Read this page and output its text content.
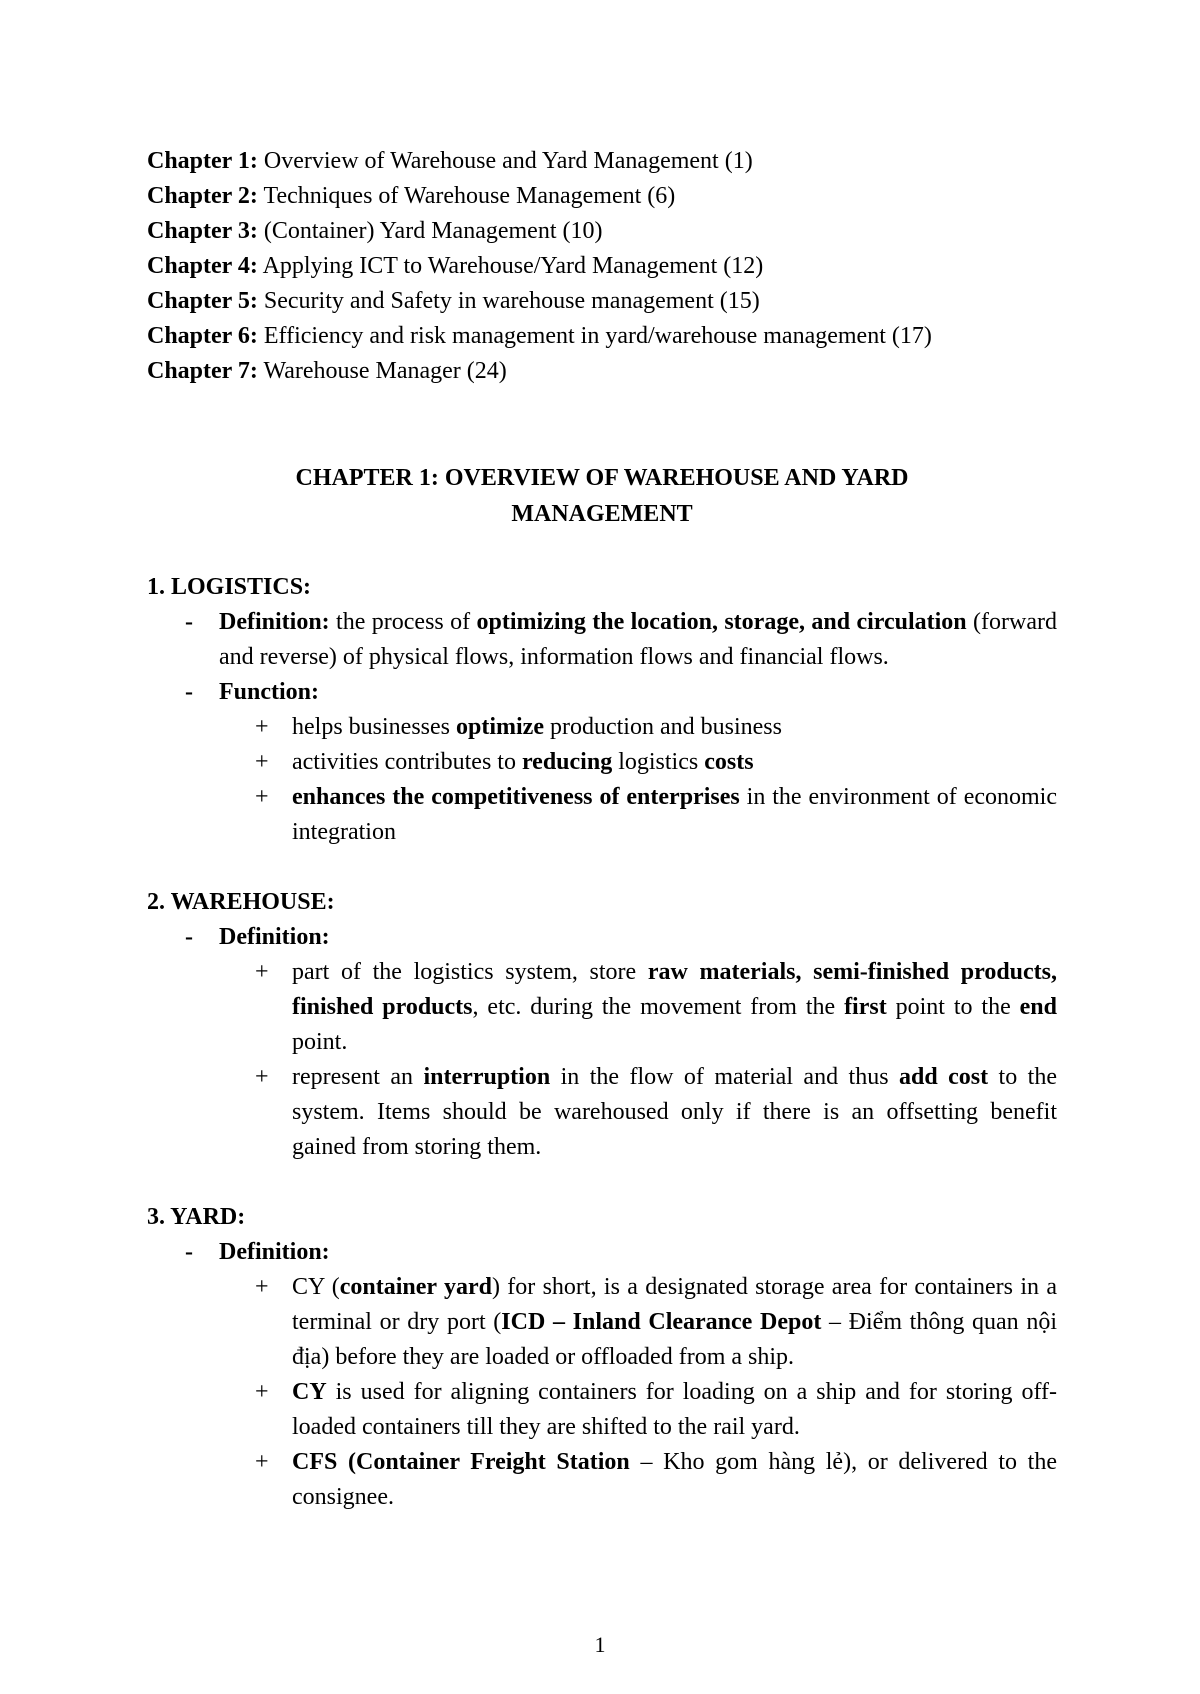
Chapter 1: Overview of Warehouse and Yard Management (1)
Chapter 2: Techniques of Warehouse Management (6)
Chapter 3: (Container) Yard Management (10)
Chapter 4: Applying ICT to Warehouse/Yard Management (12)
Chapter 5: Security and Safety in warehouse management (15)
Chapter 6: Efficiency and risk management in yard/warehouse management (17)
Chapter 7: Warehouse Manager (24)
CHAPTER 1: OVERVIEW OF WAREHOUSE AND YARD
MANAGEMENT
1. LOGISTICS:
- Definition: the process of optimizing the location, storage, and circulation (forward and reverse) of physical flows, information flows and financial flows.
- Function:
+ helps businesses optimize production and business
+ activities contributes to reducing logistics costs
+ enhances the competitiveness of enterprises in the environment of economic integration
2. WAREHOUSE:
- Definition:
+ part of the logistics system, store raw materials, semi-finished products, finished products, etc. during the movement from the first point to the end point.
+ represent an interruption in the flow of material and thus add cost to the system. Items should be warehoused only if there is an offsetting benefit gained from storing them.
3. YARD:
- Definition:
+ CY (container yard) for short, is a designated storage area for containers in a terminal or dry port (ICD – Inland Clearance Depot – Điểm thông quan nội địa) before they are loaded or offloaded from a ship.
+ CY is used for aligning containers for loading on a ship and for storing off-loaded containers till they are shifted to the rail yard.
+ CFS (Container Freight Station – Kho gom hàng lẻ), or delivered to the consignee.
1
